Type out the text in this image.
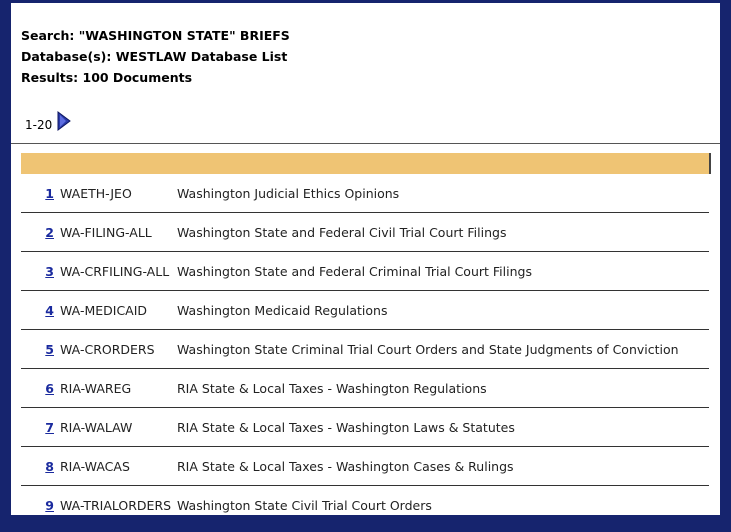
Search: "WASHINGTON STATE" BRIEFS
Database(s): WESTLAW Database List
Results: 100 Documents
1-20
1 WAETH-JEO	Washington Judicial Ethics Opinions
2 WA-FILING-ALL	Washington State and Federal Civil Trial Court Filings
3 WA-CRFILING-ALL Washington State and Federal Criminal Trial Court Filings
4 WA-MEDICAID	Washington Medicaid Regulations
5 WA-CRORDERS	Washington State Criminal Trial Court Orders and State Judgments of Conviction
6 RIA-WAREG	RIA State & Local Taxes - Washington Regulations
7 RIA-WALAW	RIA State & Local Taxes - Washington Laws & Statutes
8 RIA-WACAS	RIA State & Local Taxes - Washington Cases & Rulings
9 WA-TRIALORDERS Washington State Civil Trial Court Orders
